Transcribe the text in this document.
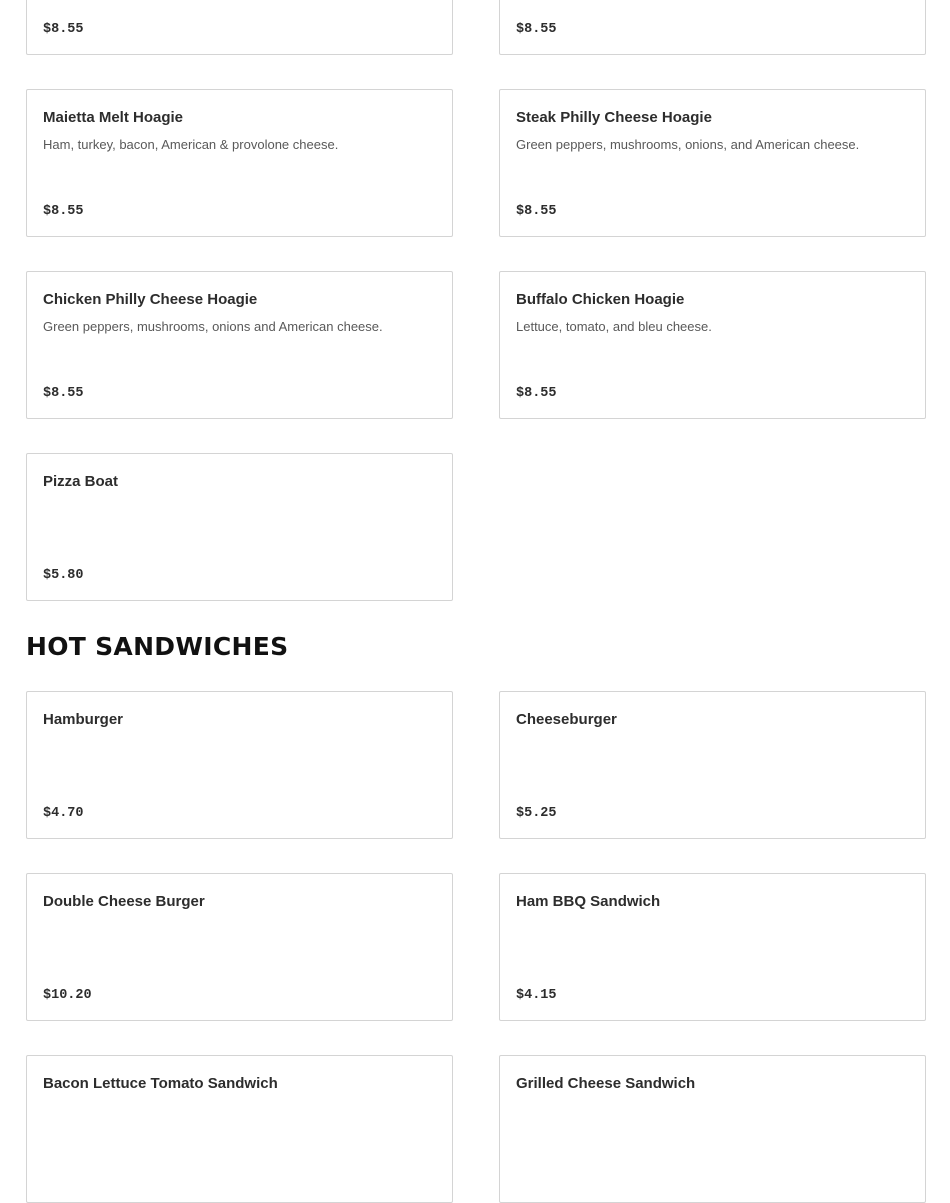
$8.55	$8.55
Maietta Melt Hoagie
Ham, turkey, bacon, American & provolone cheese.
$8.55
Steak Philly Cheese Hoagie
Green peppers, mushrooms, onions, and American cheese.
$8.55
Chicken Philly Cheese Hoagie
Green peppers, mushrooms, onions and American cheese.
$8.55
Buffalo Chicken Hoagie
Lettuce, tomato, and bleu cheese.
$8.55
Pizza Boat
$5.80
HOT SANDWICHES
Hamburger
$4.70
Cheeseburger
$5.25
Double Cheese Burger
$10.20
Ham BBQ Sandwich
$4.15
Bacon Lettuce Tomato Sandwich	Grilled Cheese Sandwich
